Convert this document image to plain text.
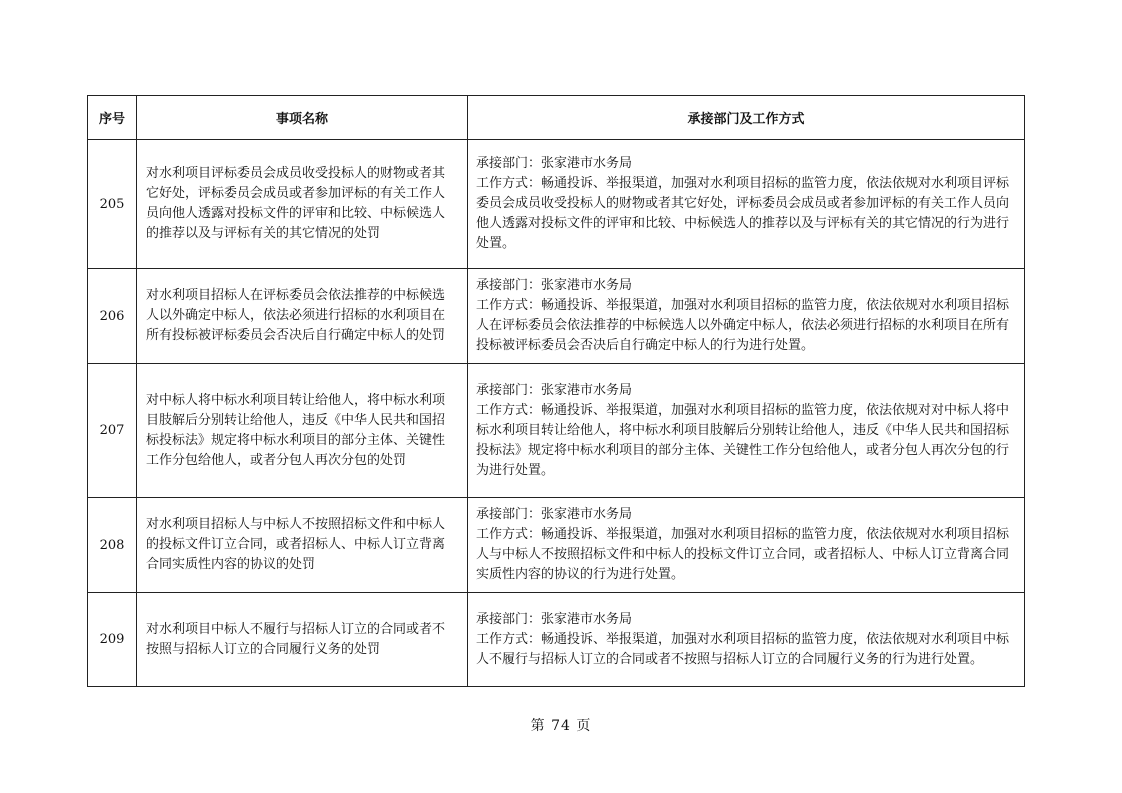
序号	事项名称	承接部门及工作方式
205	对水利项目评标委员会成员收受投标人的财物或者其它好处，评标委员会成员或者参加评标的有关工作人员向他人透露对投标文件的评审和比较、中标候选人的推荐以及与评标有关的其它情况的处罚	承接部门：张家港市水务局
工作方式：畅通投诉、举报渠道，加强对水利项目招标的监管力度，依法依规对水利项目评标委员会成员收受投标人的财物或者其它好处，评标委员会成员或者参加评标的有关工作人员向他人透露对投标文件的评审和比较、中标候选人的推荐以及与评标有关的其它情况的行为进行处置。

206	对水利项目招标人在评标委员会依法推荐的中标候选人以外确定中标人，依法必须进行招标的水利项目在所有投标被评标委员会否决后自行确定中标人的处罚	承接部门：张家港市水务局
工作方式：畅通投诉、举报渠道，加强对水利项目招标的监管力度，依法依规对水利项目招标人在评标委员会依法推荐的中标候选人以外确定中标人，依法必须进行招标的水利项目在所有投标被评标委员会否决后自行确定中标人的行为进行处置。

207	对中标人将中标水利项目转让给他人，将中标水利项目肢解后分别转让给他人，违反《中华人民共和国招标投标法》规定将中标水利项目的部分主体、关键性工作分包给他人，或者分包人再次分包的处罚	承接部门：张家港市水务局
工作方式：畅通投诉、举报渠道，加强对水利项目招标的监管力度，依法依规对对中标人将中标水利项目转让给他人，将中标水利项目肢解后分别转让给他人，违反《中华人民共和国招标投标法》规定将中标水利项目的部分主体、关键性工作分包给他人，或者分包人再次分包的行为进行处置。

208	对水利项目招标人与中标人不按照招标文件和中标人的投标文件订立合同，或者招标人、中标人订立背离合同实质性内容的协议的处罚	承接部门：张家港市水务局
工作方式：畅通投诉、举报渠道，加强对水利项目招标的监管力度，依法依规对水利项目招标人与中标人不按照招标文件和中标人的投标文件订立合同，或者招标人、中标人订立背离合同实质性内容的协议的行为进行处置。

209	对水利项目中标人不履行与招标人订立的合同或者不按照与招标人订立的合同履行义务的处罚	承接部门：张家港市水务局
工作方式：畅通投诉、举报渠道，加强对水利项目招标的监管力度，依法依规对水利项目中标人不履行与招标人订立的合同或者不按照与招标人订立的合同履行义务的行为进行处置。
第 74 页
